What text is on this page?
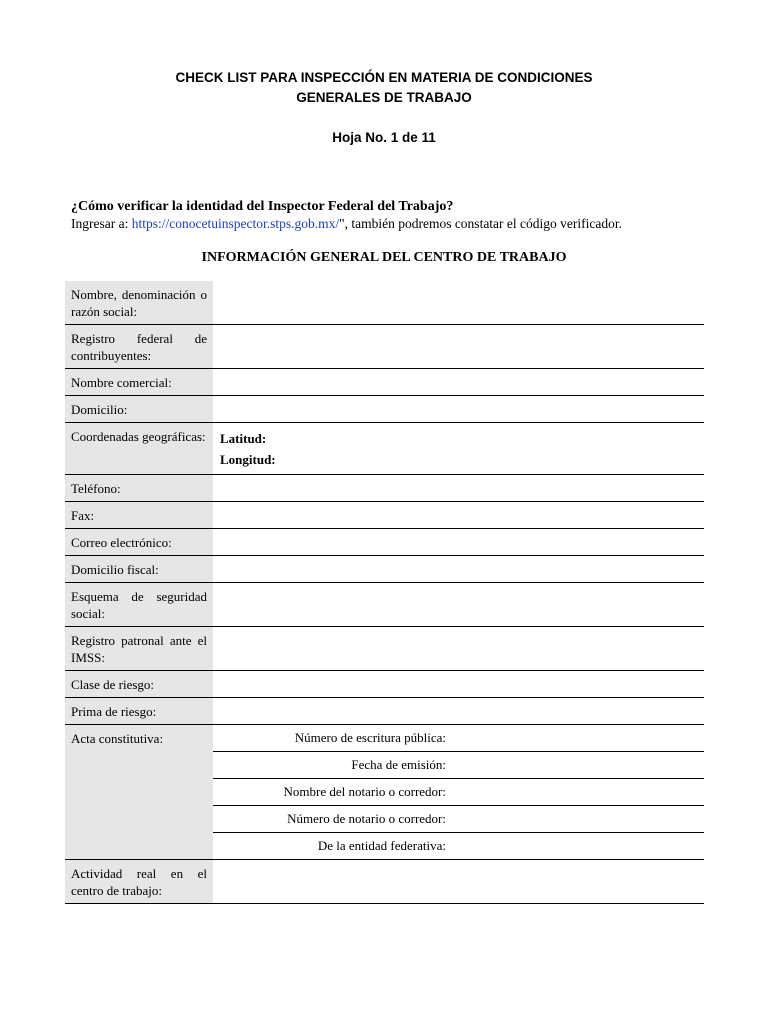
CHECK LIST PARA INSPECCIÓN EN MATERIA DE CONDICIONES
GENERALES DE TRABAJO
Hoja No. 1 de 11
¿Cómo verificar la identidad del Inspector Federal del Trabajo?
Ingresar a: https://conocetuinspector.stps.gob.mx/", también podremos constatar el código verificador.
INFORMACIÓN GENERAL DEL CENTRO DE TRABAJO
Nombre, denominación o razón social:	
Registro federal de contribuyentes:	
Nombre comercial:	
Domicilio:	
Coordenadas geográficas:	Latitud:
Longitud:

Teléfono:	
Fax:	
Correo electrónico:	
Domicilio fiscal:	
Esquema de seguridad social:	
Registro patronal ante el IMSS:	
Clase de riesgo:	
Prima de riesgo:	
Acta constitutiva:	Número de escritura pública:
	Fecha de emisión:
	Nombre del notario o corredor:
	Número de notario o corredor:
	De la entidad federativa:
Actividad real en el centro de trabajo:	
